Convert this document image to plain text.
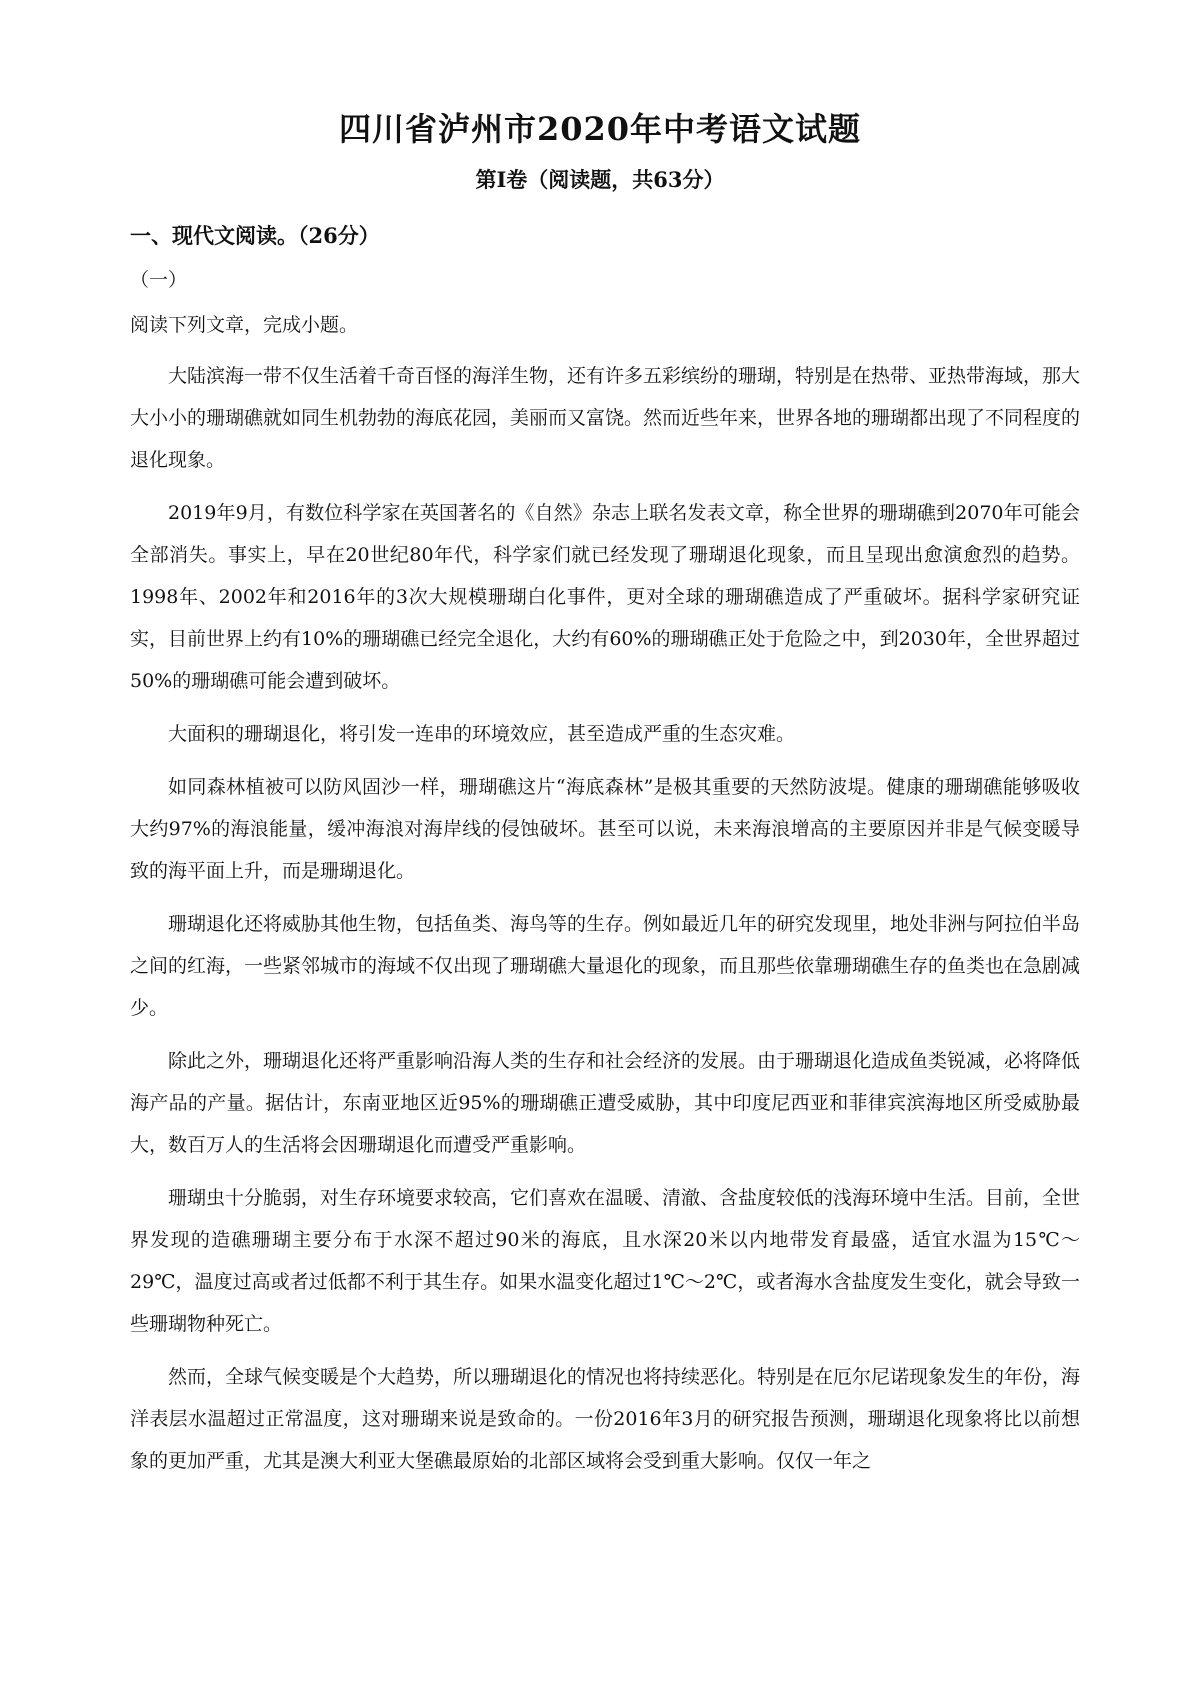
四川省泸州市2020年中考语文试题
第Ⅰ卷（阅读题，共63分）
一、现代文阅读。（26分）
（一）
阅读下列文章，完成小题。

大陆滨海一带不仅生活着千奇百怪的海洋生物，还有许多五彩缤纷的珊瑚，特别是在热带、亚热带海域，那大大小小的珊瑚礁就如同生机勃勃的海底花园，美丽而又富饶。然而近些年来，世界各地的珊瑚都出现了不同程度的退化现象。

2019年9月，有数位科学家在英国著名的《自然》杂志上联名发表文章，称全世界的珊瑚礁到2070年可能会全部消失。事实上，早在20世纪80年代，科学家们就已经发现了珊瑚退化现象，而且呈现出愈演愈烈的趋势。1998年、2002年和2016年的3次大规模珊瑚白化事件，更对全球的珊瑚礁造成了严重破坏。据科学家研究证实，目前世界上约有10%的珊瑚礁已经完全退化，大约有60%的珊瑚礁正处于危险之中，到2030年，全世界超过50%的珊瑚礁可能会遭到破坏。

大面积的珊瑚退化，将引发一连串的环境效应，甚至造成严重的生态灾难。

如同森林植被可以防风固沙一样，珊瑚礁这片“海底森林”是极其重要的天然防波堤。健康的珊瑚礁能够吸收大约97%的海浪能量，缓冲海浪对海岸线的侵蚀破坏。甚至可以说，未来海浪增高的主要原因并非是气候变暖导致的海平面上升，而是珊瑚退化。

珊瑚退化还将威胁其他生物，包括鱼类、海鸟等的生存。例如最近几年的研究发现里，地处非洲与阿拉伯半岛之间的红海，一些紧邻城市的海域不仅出现了珊瑚礁大量退化的现象，而且那些依靠珊瑚礁生存的鱼类也在急剧减少。

除此之外，珊瑚退化还将严重影响沿海人类的生存和社会经济的发展。由于珊瑚退化造成鱼类锐减，必将降低海产品的产量。据估计，东南亚地区近95%的珊瑚礁正遭受威胁，其中印度尼西亚和菲律宾滨海地区所受威胁最大，数百万人的生活将会因珊瑚退化而遭受严重影响。

珊瑚虫十分脆弱，对生存环境要求较高，它们喜欢在温暖、清澈、含盐度较低的浅海环境中生活。目前，全世界发现的造礁珊瑚主要分布于水深不超过90米的海底，且水深20米以内地带发育最盛，适宜水温为15℃～29℃，温度过高或者过低都不利于其生存。如果水温变化超过1℃～2℃，或者海水含盐度发生变化，就会导致一些珊瑚物种死亡。

然而，全球气候变暖是个大趋势，所以珊瑚退化的情况也将持续恶化。特别是在厄尔尼诺现象发生的年份，海洋表层水温超过正常温度，这对珊瑚来说是致命的。一份2016年3月的研究报告预测，珊瑚退化现象将比以前想象的更加严重，尤其是澳大利亚大堡礁最原始的北部区域将会受到重大影响。仅仅一年之
